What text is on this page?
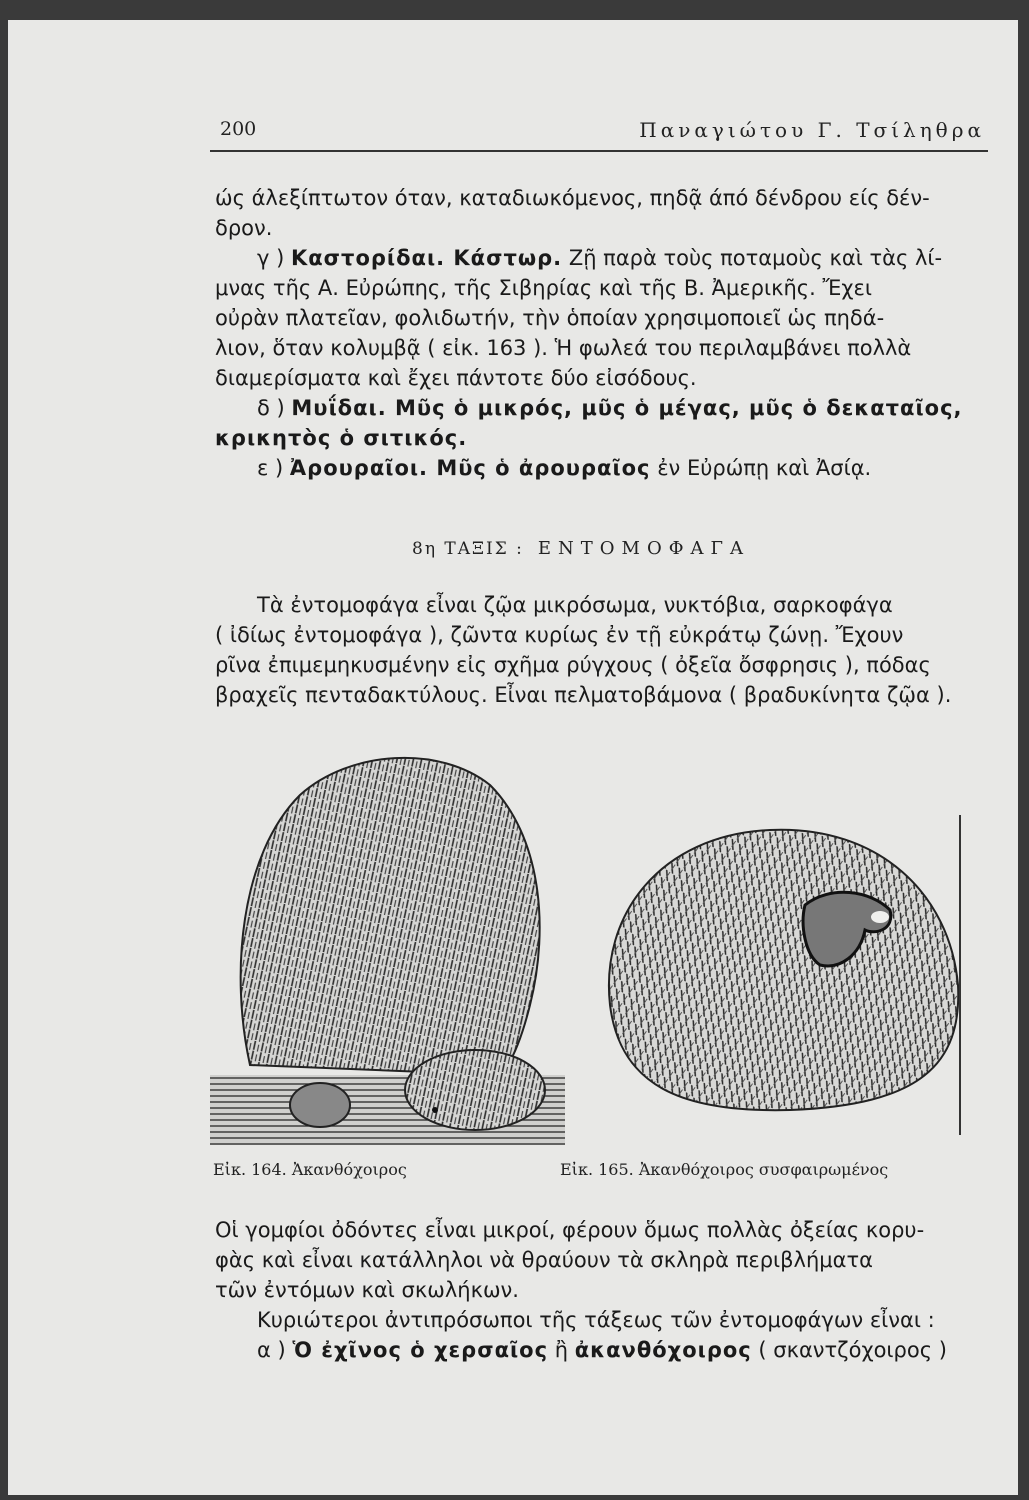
200	Παναγιώτου Γ. Τσίληθρα

ώς άλεξίπτωτον όταν, καταδιωκόμενος, πηδᾷ άπό δένδρου είς δέν-

δρον.

γ ) Καστορίδαι. Κάστωρ. Ζῇ παρὰ τοὺς ποταμοὺς καὶ τὰς λί-

μνας τῆς Α. Εὐρώπης, τῆς Σιβηρίας καὶ τῆς Β. Ἀμερικῆς. Ἔχει

οὐρὰν πλατεῖαν, φολιδωτήν, τὴν ὁποίαν χρησιμοποιεῖ ὡς πηδά-

λιον, ὅταν κολυμβᾷ ( εἰκ. 163 ). Ἡ φωλεά του περιλαμβάνει πολλὰ

διαμερίσματα καὶ ἔχει πάντοτε δύο εἰσόδους.

δ ) Μυΐδαι. Μῦς ὁ μικρός, μῦς ὁ μέγας, μῦς ὁ δεκαταῖος,

κρικητὸς ὁ σιτικός.

ε ) Ἀρουραῖοι. Μῦς ὁ ἀρουραῖος ἐν Εὐρώπῃ καὶ Ἀσίᾳ.

8η ΤΑΞΙΣ : ΕΝΤΟΜΟΦΑΓΑ

Τὰ ἐντομοφάγα εἶναι ζῷα μικρόσωμα, νυκτόβια, σαρκοφάγα

( ἰδίως ἐντομοφάγα ), ζῶντα κυρίως ἐν τῇ εὐκράτῳ ζώνῃ. Ἔχουν

ρῖνα ἐπιμεμηκυσμένην εἰς σχῆμα ρύγχους ( ὀξεῖα ὄσφρησις ), πόδας

βραχεῖς πενταδακτύλους. Εἶναι πελματοβάμονα ( βραδυκίνητα ζῷα ).

Εἰκ. 164. Ἀκανθόχοιρος	Εἰκ. 165. Ἀκανθόχοιρος συσφαιρωμένος

Οἱ γομφίοι ὀδόντες εἶναι μικροί, φέρουν ὅμως πολλὰς ὀξείας κορυ-

φὰς καὶ εἶναι κατάλληλοι νὰ θραύουν τὰ σκληρὰ περιβλήματα

τῶν ἐντόμων καὶ σκωλήκων.

Κυριώτεροι ἀντιπρόσωποι τῆς τάξεως τῶν ἐντομοφάγων εἶναι :

α ) Ὁ ἐχῖνος ὁ χερσαῖος ἢ ἀκανθόχοιρος ( σκαντζόχοιρος )
